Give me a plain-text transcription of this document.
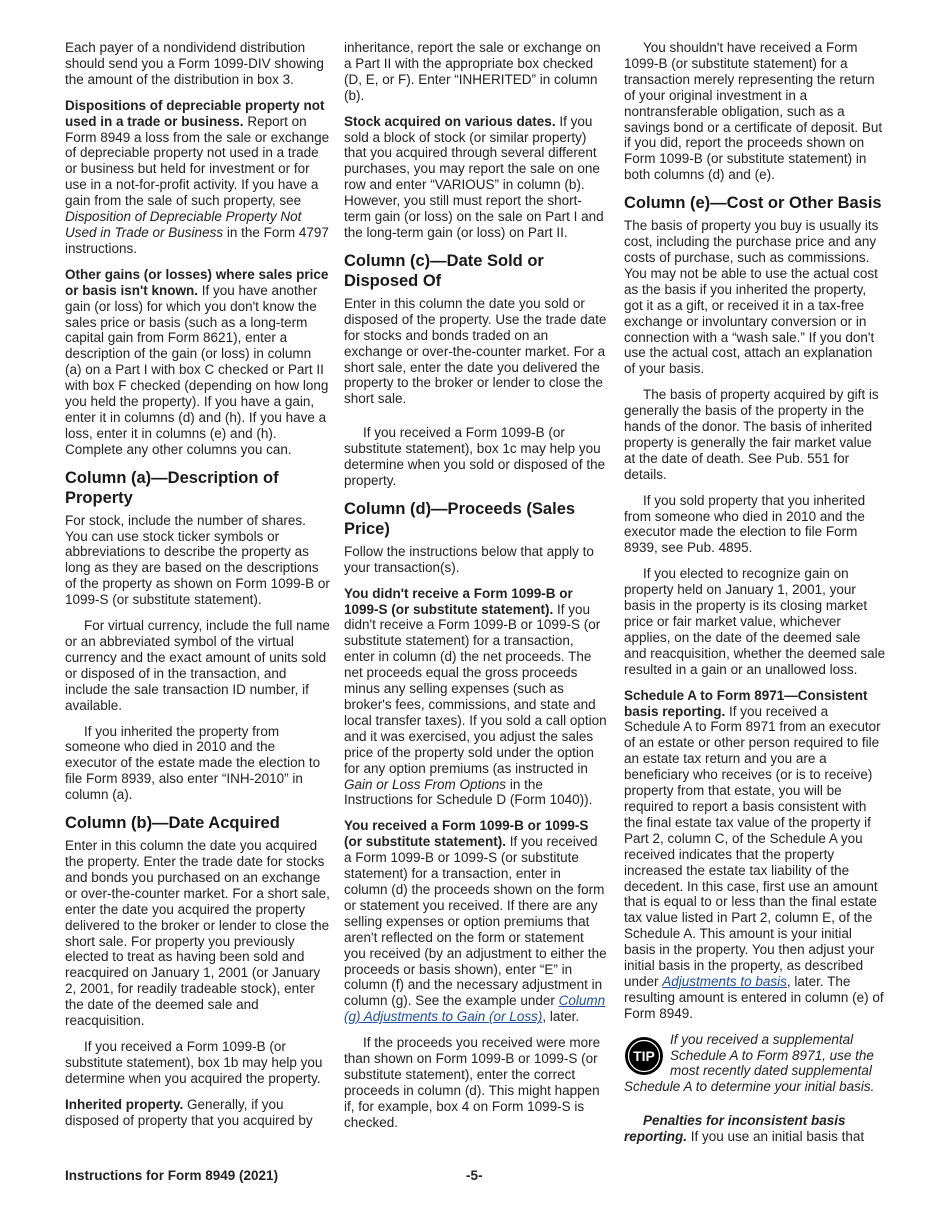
Each payer of a nondividend distribution should send you a Form 1099-DIV showing the amount of the distribution in box 3.

Dispositions of depreciable property not used in a trade or business. Report on Form 8949 a loss from the sale or exchange of depreciable property not used in a trade or business but held for investment or for use in a not-for-profit activity. If you have a gain from the sale of such property, see Disposition of Depreciable Property Not Used in Trade or Business in the Form 4797 instructions.

Other gains (or losses) where sales price or basis isn't known. If you have another gain (or loss) for which you don't know the sales price or basis (such as a long-term capital gain from Form 8621), enter a description of the gain (or loss) in column (a) on a Part I with box C checked or Part II with box F checked (depending on how long you held the property). If you have a gain, enter it in columns (d) and (h). If you have a loss, enter it in columns (e) and (h). Complete any other columns you can.

Column (a)—Description of Property

For stock, include the number of shares. You can use stock ticker symbols or abbreviations to describe the property as long as they are based on the descriptions of the property as shown on Form 1099-B or 1099-S (or substitute statement).

For virtual currency, include the full name or an abbreviated symbol of the virtual currency and the exact amount of units sold or disposed of in the transaction, and include the sale transaction ID number, if available.

If you inherited the property from someone who died in 2010 and the executor of the estate made the election to file Form 8939, also enter “INH-2010” in column (a).

Column (b)—Date Acquired

Enter in this column the date you acquired the property. Enter the trade date for stocks and bonds you purchased on an exchange or over-the-counter market. For a short sale, enter the date you acquired the property delivered to the broker or lender to close the short sale. For property you previously elected to treat as having been sold and reacquired on January 1, 2001 (or January 2, 2001, for readily tradeable stock), enter the date of the deemed sale and reacquisition.

If you received a Form 1099-B (or substitute statement), box 1b may help you determine when you acquired the property.

Inherited property. Generally, if you disposed of property that you acquired by

inheritance, report the sale or exchange on a Part II with the appropriate box checked (D, E, or F). Enter “INHERITED” in column (b).

Stock acquired on various dates. If you sold a block of stock (or similar property) that you acquired through several different purchases, you may report the sale on one row and enter “VARIOUS” in column (b). However, you still must report the short-term gain (or loss) on the sale on Part I and the long-term gain (or loss) on Part II.

Column (c)—Date Sold or Disposed Of

Enter in this column the date you sold or disposed of the property. Use the trade date for stocks and bonds traded on an exchange or over-the-counter market. For a short sale, enter the date you delivered the property to the broker or lender to close the short sale.

If you received a Form 1099-B (or substitute statement), box 1c may help you determine when you sold or disposed of the property.

Column (d)—Proceeds (Sales Price)

Follow the instructions below that apply to your transaction(s).

You didn't receive a Form 1099-B or 1099-S (or substitute statement). If you didn't receive a Form 1099-B or 1099-S (or substitute statement) for a transaction, enter in column (d) the net proceeds. The net proceeds equal the gross proceeds minus any selling expenses (such as broker's fees, commissions, and state and local transfer taxes). If you sold a call option and it was exercised, you adjust the sales price of the property sold under the option for any option premiums (as instructed in Gain or Loss From Options in the Instructions for Schedule D (Form 1040)).

You received a Form 1099-B or 1099-S (or substitute statement). If you received a Form 1099-B or 1099-S (or substitute statement) for a transaction, enter in column (d) the proceeds shown on the form or statement you received. If there are any selling expenses or option premiums that aren't reflected on the form or statement you received (by an adjustment to either the proceeds or basis shown), enter “E” in column (f) and the necessary adjustment in column (g). See the example under Column (g) Adjustments to Gain (or Loss), later.

If the proceeds you received were more than shown on Form 1099-B or 1099-S (or substitute statement), enter the correct proceeds in column (d). This might happen if, for example, box 4 on Form 1099-S is checked.

You shouldn't have received a Form 1099-B (or substitute statement) for a transaction merely representing the return of your original investment in a nontransferable obligation, such as a savings bond or a certificate of deposit. But if you did, report the proceeds shown on Form 1099-B (or substitute statement) in both columns (d) and (e).

Column (e)—Cost or Other Basis

The basis of property you buy is usually its cost, including the purchase price and any costs of purchase, such as commissions. You may not be able to use the actual cost as the basis if you inherited the property, got it as a gift, or received it in a tax-free exchange or involuntary conversion or in connection with a “wash sale.” If you don't use the actual cost, attach an explanation of your basis.

The basis of property acquired by gift is generally the basis of the property in the hands of the donor. The basis of inherited property is generally the fair market value at the date of death. See Pub. 551 for details.

If you sold property that you inherited from someone who died in 2010 and the executor made the election to file Form 8939, see Pub. 4895.

If you elected to recognize gain on property held on January 1, 2001, your basis in the property is its closing market price or fair market value, whichever applies, on the date of the deemed sale and reacquisition, whether the deemed sale resulted in a gain or an unallowed loss.

Schedule A to Form 8971—Consistent basis reporting. If you received a Schedule A to Form 8971 from an executor of an estate or other person required to file an estate tax return and you are a beneficiary who receives (or is to receive) property from that estate, you will be required to report a basis consistent with the final estate tax value of the property if Part 2, column C, of the Schedule A you received indicates that the property increased the estate tax liability of the decedent. In this case, first use an amount that is equal to or less than the final estate tax value listed in Part 2, column E, of the Schedule A. This amount is your initial basis in the property. You then adjust your initial basis in the property, as described under Adjustments to basis, later. The resulting amount is entered in column (e) of Form 8949.

TIP
If you received a supplemental Schedule A to Form 8971, use the most recently dated supplemental Schedule A to determine your initial basis.

Penalties for inconsistent basis reporting. If you use an initial basis that

Instructions for Form 8949 (2021)	-5-
